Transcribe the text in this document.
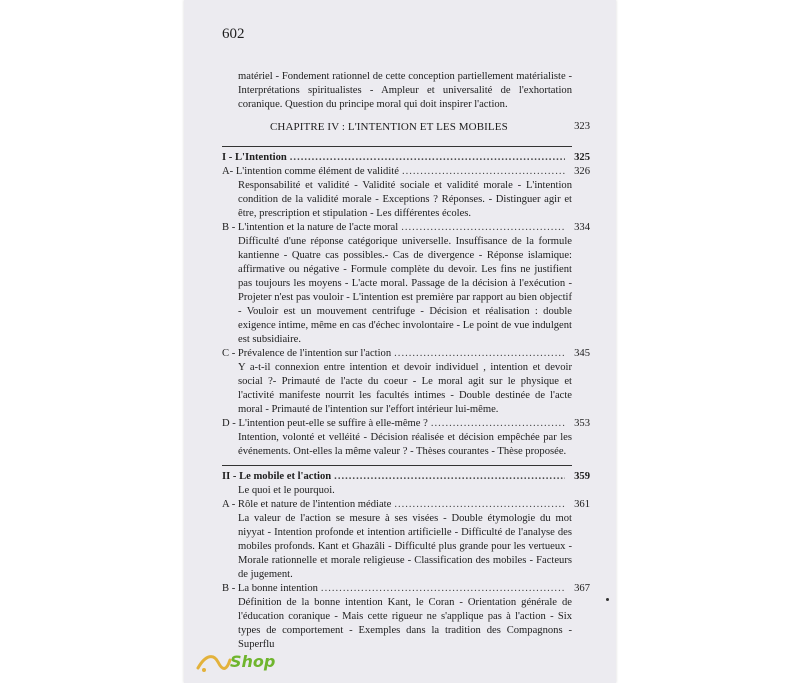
602

matériel - Fondement rationnel de cette conception partiellement matérialiste - Interprétations spiritualistes - Ampleur et universalité de l'exhortation coranique. Question du principe moral qui doit inspirer l'action.

CHAPITRE IV : L'INTENTION ET LES MOBILES	323
I - L'Intention .....	325
A- L'intention comme élément de validité .....	326

Responsabilité et validité - Validité sociale et validité morale - L'intention condition de la validité morale - Exceptions ? Réponses. - Distinguer agir et être, prescription et stipulation - Les différentes écoles.

B - L'intention et la nature de l'acte moral .....	334

Difficulté d'une réponse catégorique universelle. Insuffisance de la formule kantienne - Quatre cas possibles.- Cas de divergence - Réponse islamique: affirmative ou négative - Formule complète du devoir. Les fins ne justifient pas toujours les moyens - L'acte moral. Passage de la décision à l'exécution - Projeter n'est pas vouloir - L'intention est première par rapport au bien objectif - Vouloir est un mouvement centrifuge - Décision et réalisation : double exigence intime, même en cas d'échec involontaire - Le point de vue indulgent est subsidiaire.

C - Prévalence de l'intention sur l'action .....	345

Y a-t-il connexion entre intention et devoir individuel , intention et devoir social ?- Primauté de l'acte du coeur - Le moral agit sur le physique et l'activité manifeste nourrit les facultés intimes - Double destinée de l'acte moral - Primauté de l'intention sur l'effort intérieur lui-même.

D - L'intention peut-elle se suffire à elle-même ? .....	353

Intention, volonté et velléité - Décision réalisée et décision empêchée par les événements. Ont-elles la même valeur ? - Thèses courantes - Thèse proposée.

II - Le mobile et l'action .....	359

Le quoi et le pourquoi.

A - Rôle et nature de l'intention médiate .....	361

La valeur de l'action se mesure à ses visées - Double étymologie du mot niyyat - Intention profonde et intention artificielle - Difficulté de l'analyse des mobiles profonds. Kant et Ghazâli - Difficulté plus grande pour les vertueux - Morale rationnelle et morale religieuse - Classification des mobiles - Facteurs de jugement.

B - La bonne intention .....	367

Définition de la bonne intention Kant, le Coran - Orientation générale de l'éducation coranique - Mais cette rigueur ne s'applique pas à l'action - Six types de comportement - Exemples dans la tradition des Compagnons - Superflu

Shop
